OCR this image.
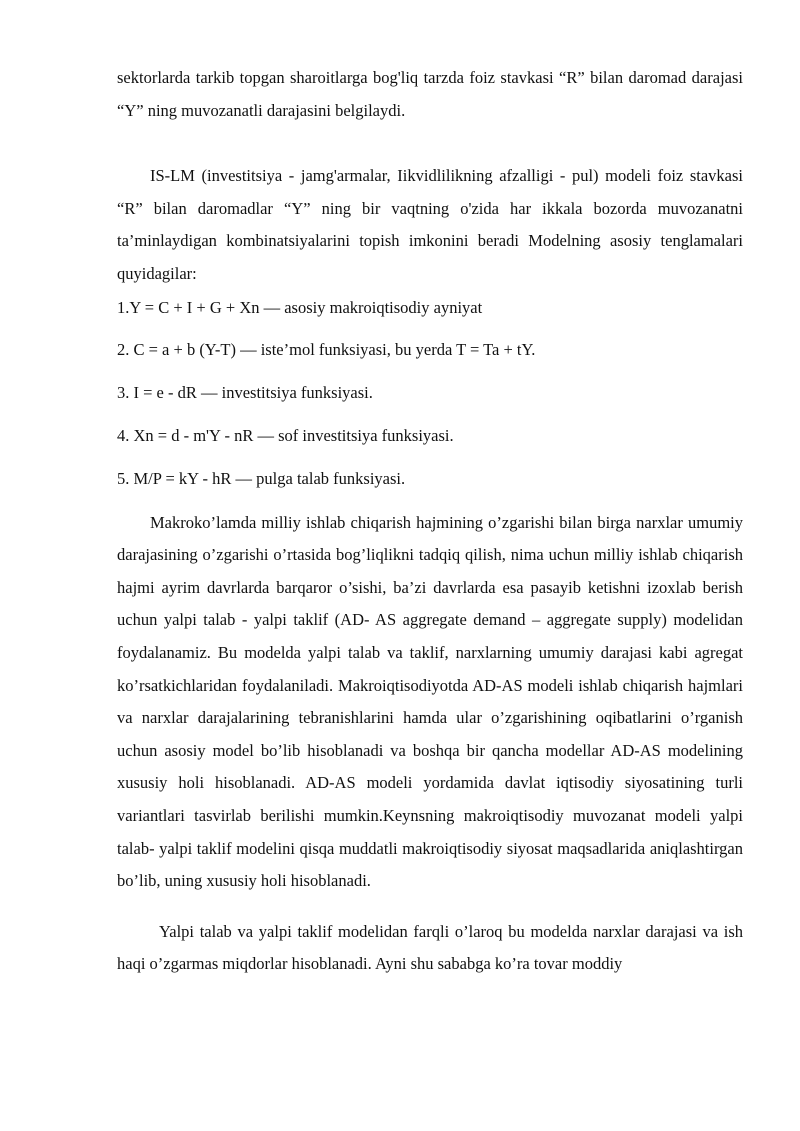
sektorlarda tarkib topgan sharoitlarga bog'liq tarzda foiz stavkasi “R” bilan daromad darajasi “Y” ning muvozanatli darajasini belgilaydi.

IS-LM (investitsiya - jamg'armalar, Iikvidlilikning afzalligi - pul) modeli foiz stavkasi “R” bilan daromadlar “Y” ning bir vaqtning o'zida har ikkala bozorda muvozanatni ta’minlaydigan kombinatsiyalarini topish imkonini beradi Modelning asosiy tenglamalari quyidagilar:

1.Y = C + I + G + Xn — asosiy makroiqtisodiy ayniyat

2. C = a + b (Y-T) — iste’mol funksiyasi, bu yerda T = Ta + tY.

3. I = e - dR — investitsiya funksiyasi.

4. Xn = d - m'Y - nR — sof investitsiya funksiyasi.

5. M/P = kY - hR — pulga talab funksiyasi.

Makroko’lamda milliy ishlab chiqarish hajmining o’zgarishi bilan birga narxlar umumiy darajasining o’zgarishi o’rtasida bog’liqlikni tadqiq qilish, nima uchun milliy ishlab chiqarish hajmi ayrim davrlarda barqaror o’sishi, ba’zi davrlarda esa pasayib ketishni izoxlab berish uchun yalpi talab - yalpi taklif (AD- AS aggregate demand – aggregate supply) modelidan foydalanamiz. Bu modelda yalpi talab va taklif, narxlarning umumiy darajasi kabi agregat ko’rsatkichlaridan foydalaniladi. Makroiqtisodiyotda AD-AS modeli ishlab chiqarish hajmlari va narxlar darajalarining tebranishlarini hamda ular o’zgarishining oqibatlarini o’rganish uchun asosiy model bo’lib hisoblanadi va boshqa bir qancha modellar AD-AS modelining xususiy holi hisoblanadi. AD-AS modeli yordamida davlat iqtisodiy siyosatining turli variantlari tasvirlab berilishi mumkin.Keynsning makroiqtisodiy muvozanat modeli yalpi talab- yalpi taklif modelini qisqa muddatli makroiqtisodiy siyosat maqsadlarida aniqlashtirgan bo’lib, uning xususiy holi hisoblanadi.

Yalpi talab va yalpi taklif modelidan farqli o’laroq bu modelda narxlar darajasi va ish haqi o’zgarmas miqdorlar hisoblanadi. Ayni shu sababga ko’ra tovar moddiy
